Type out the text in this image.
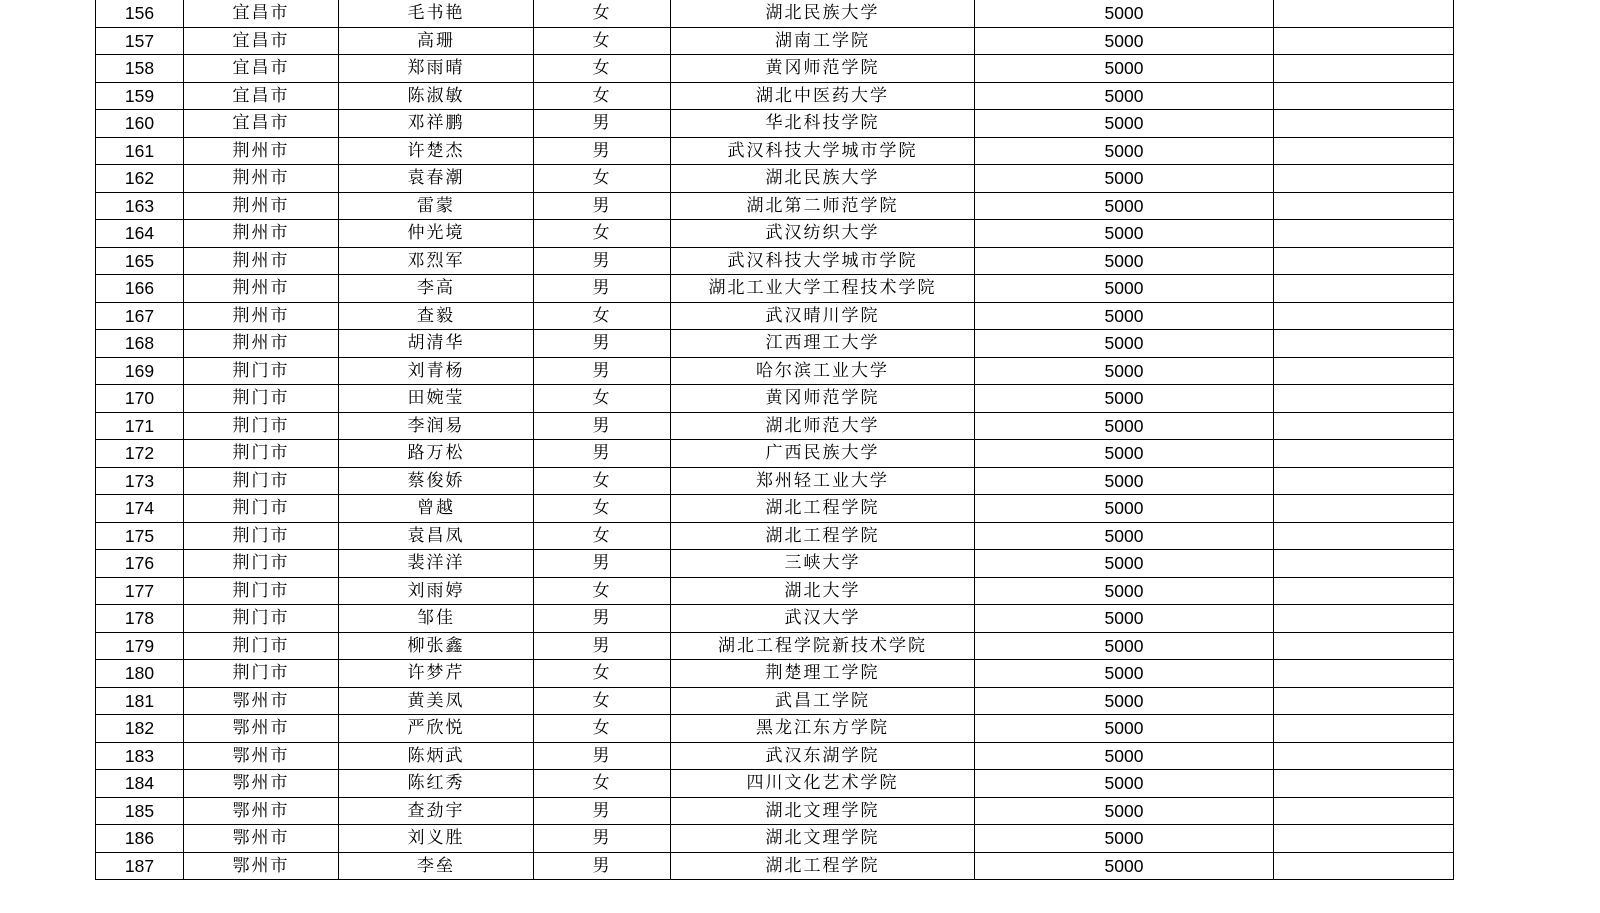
156	宜昌市	毛书艳	女	湖北民族大学	5000	
157	宜昌市	高珊	女	湖南工学院	5000	
158	宜昌市	郑雨晴	女	黄冈师范学院	5000	
159	宜昌市	陈淑敏	女	湖北中医药大学	5000	
160	宜昌市	邓祥鹏	男	华北科技学院	5000	
161	荆州市	许楚杰	男	武汉科技大学城市学院	5000	
162	荆州市	袁春潮	女	湖北民族大学	5000	
163	荆州市	雷蒙	男	湖北第二师范学院	5000	
164	荆州市	仲光境	女	武汉纺织大学	5000	
165	荆州市	邓烈军	男	武汉科技大学城市学院	5000	
166	荆州市	李高	男	湖北工业大学工程技术学院	5000	
167	荆州市	查毅	女	武汉晴川学院	5000	
168	荆州市	胡清华	男	江西理工大学	5000	
169	荆门市	刘青杨	男	哈尔滨工业大学	5000	
170	荆门市	田婉莹	女	黄冈师范学院	5000	
171	荆门市	李润易	男	湖北师范大学	5000	
172	荆门市	路万松	男	广西民族大学	5000	
173	荆门市	蔡俊娇	女	郑州轻工业大学	5000	
174	荆门市	曾越	女	湖北工程学院	5000	
175	荆门市	袁昌凤	女	湖北工程学院	5000	
176	荆门市	裴洋洋	男	三峡大学	5000	
177	荆门市	刘雨婷	女	湖北大学	5000	
178	荆门市	邹佳	男	武汉大学	5000	
179	荆门市	柳张鑫	男	湖北工程学院新技术学院	5000	
180	荆门市	许梦芹	女	荆楚理工学院	5000	
181	鄂州市	黄美凤	女	武昌工学院	5000	
182	鄂州市	严欣悦	女	黑龙江东方学院	5000	
183	鄂州市	陈炳武	男	武汉东湖学院	5000	
184	鄂州市	陈红秀	女	四川文化艺术学院	5000	
185	鄂州市	查劲宇	男	湖北文理学院	5000	
186	鄂州市	刘义胜	男	湖北文理学院	5000	
187	鄂州市	李垒	男	湖北工程学院	5000	
